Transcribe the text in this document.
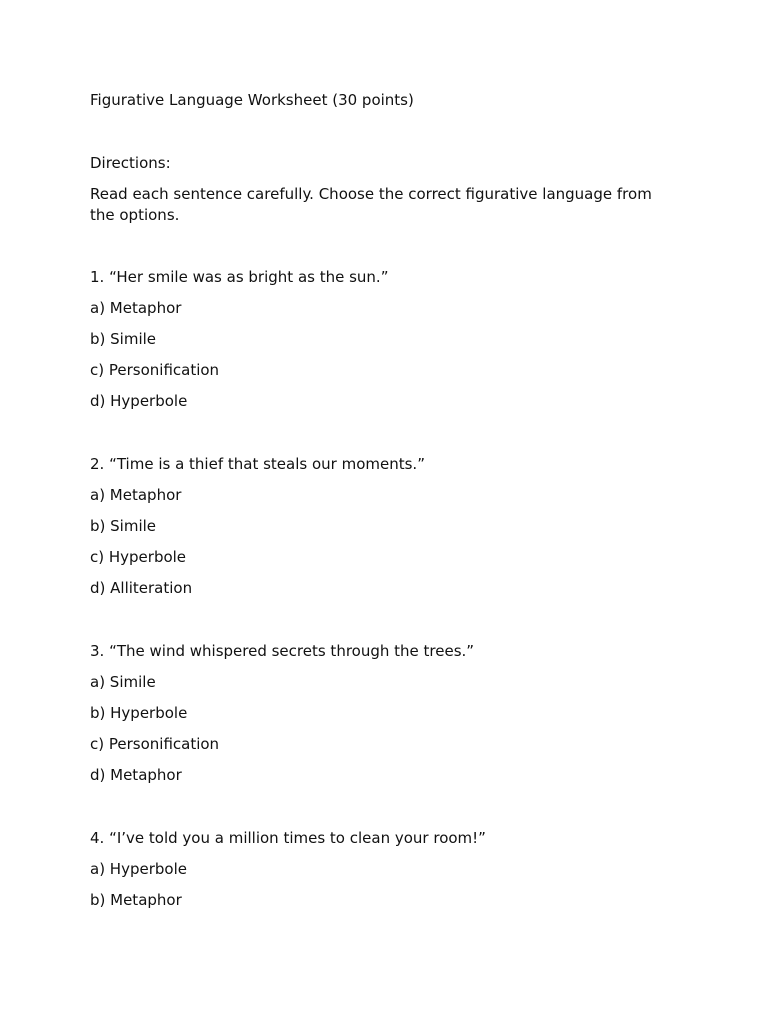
Figurative Language Worksheet (30 points)

Directions:

Read each sentence carefully. Choose the correct figurative language from the options.

1. “Her smile was as bright as the sun.”

a) Metaphor

b) Simile

c) Personification

d) Hyperbole

2. “Time is a thief that steals our moments.”

a) Metaphor

b) Simile

c) Hyperbole

d) Alliteration

3. “The wind whispered secrets through the trees.”

a) Simile

b) Hyperbole

c) Personification

d) Metaphor

4. “I’ve told you a million times to clean your room!”

a) Hyperbole

b) Metaphor
